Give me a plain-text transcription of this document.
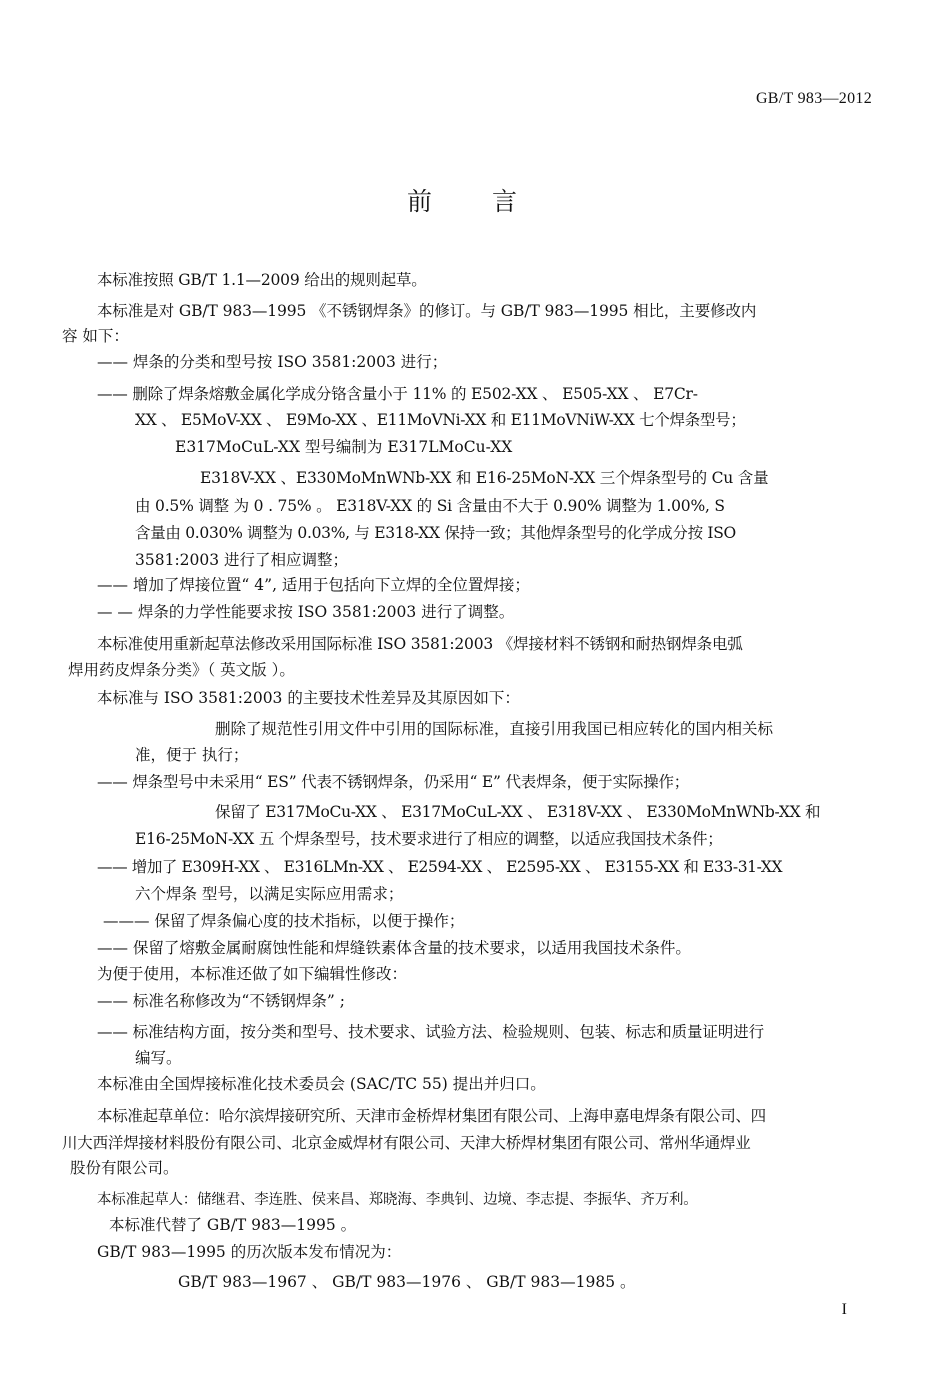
GB/T 983—2012
前 言
本标准按照 GB/T 1.1—2009 给出的规则起草。
本标准是对 GB/T 983—1995 《不锈钢焊条》的修订。与 GB/T 983—1995 相比，主要修改内
容 如下：
—— 焊条的分类和型号按 ISO 3581:2003 进行；
—— 删除了焊条熔敷金属化学成分铬含量小于 11% 的 E502-XX 、 E505-XX 、 E7Cr-
XX 、 E5MoV-XX 、 E9Mo-XX 、E11MoVNi-XX 和 E11MoVNiW-XX 七个焊条型号；
E317MoCuL-XX 型号编制为 E317LMoCu-XX
E318V-XX 、E330MoMnWNb-XX 和 E16-25MoN-XX 三个焊条型号的 Cu 含量
由 0.5% 调整 为 0 . 75% 。 E318V-XX 的 Si 含量由不大于 0.90% 调整为 1.00%, S
含量由 0.030% 调整为 0.03%, 与 E318-XX 保持一致；其他焊条型号的化学成分按 ISO
3581:2003 进行了相应调整；
—— 增加了焊接位置“ 4”, 适用于包括向下立焊的全位置焊接；
— — 焊条的力学性能要求按 ISO 3581:2003 进行了调整。
本标准使用重新起草法修改采用国际标准 ISO 3581:2003 《焊接材料不锈钢和耐热钢焊条电弧
焊用药皮焊条分类》（ 英文版 ）。
本标准与 ISO 3581:2003 的主要技术性差异及其原因如下：
删除了规范性引用文件中引用的国际标准，直接引用我国已相应转化的国内相关标
准，便于 执行；
—— 焊条型号中未采用“ ES” 代表不锈钢焊条，仍采用“ E” 代表焊条，便于实际操作；
保留了 E317MoCu-XX 、 E317MoCuL-XX 、 E318V-XX 、 E330MoMnWNb-XX 和
E16-25MoN-XX 五 个焊条型号，技术要求进行了相应的调整，以适应我国技术条件；
—— 增加了 E309H-XX 、 E316LMn-XX 、 E2594-XX 、 E2595-XX 、 E3155-XX 和 E33-31-XX
六个焊条 型号，以满足实际应用需求；
——— 保留了焊条偏心度的技术指标，以便于操作；
—— 保留了熔敷金属耐腐蚀性能和焊缝铁素体含量的技术要求，以适用我国技术条件。
为便于使用，本标准还做了如下编辑性修改：
—— 标准名称修改为“不锈钢焊条” ;
—— 标准结构方面，按分类和型号、技术要求、试验方法、检验规则、包装、标志和质量证明进行
编写。
本标准由全国焊接标准化技术委员会 (SAC/TC 55) 提出并归口。
本标准起草单位：哈尔滨焊接研究所、天津市金桥焊材集团有限公司、上海申嘉电焊条有限公司、四
川大西洋焊接材料股份有限公司、北京金威焊材有限公司、天津大桥焊材集团有限公司、常州华通焊业
股份有限公司。
本标准起草人：储继君、李连胜、侯来昌、郑晓海、李典钊、边境、李志提、李振华、齐万利。
本标准代替了 GB/T 983—1995 。
GB/T 983—1995 的历次版本发布情况为：
GB/T 983—1967 、 GB/T 983—1976 、 GB/T 983—1985 。
I
